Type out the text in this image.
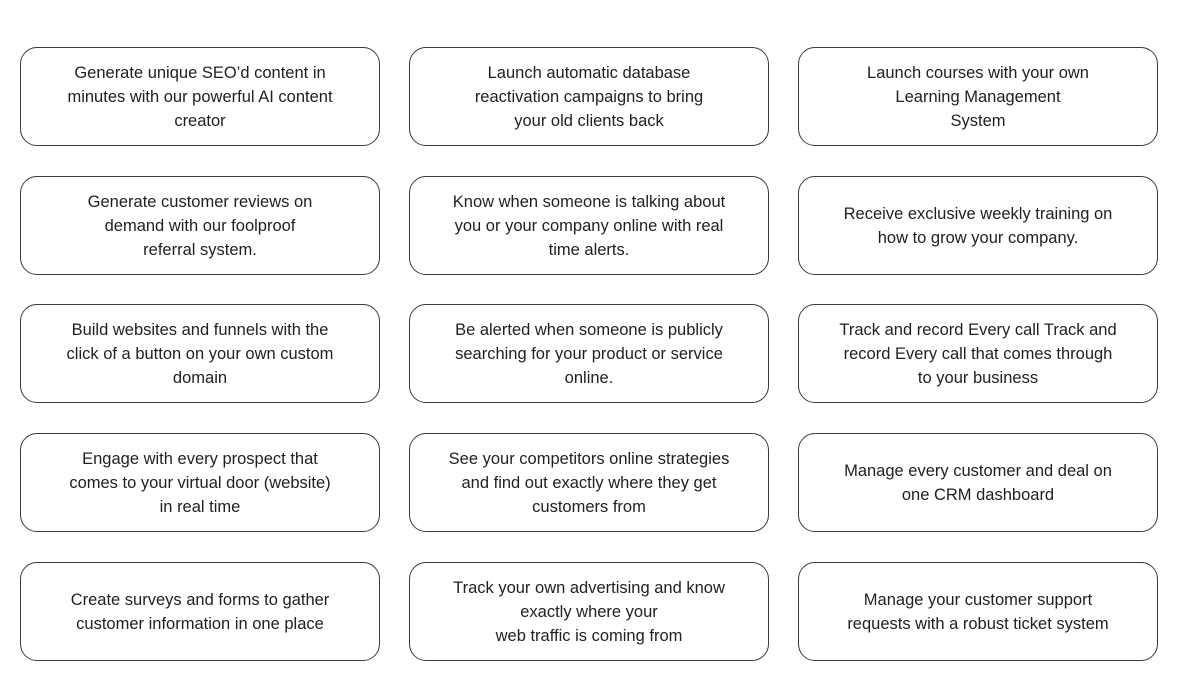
Generate unique SEO’d content in
minutes with our powerful AI content
creator
Launch automatic database
reactivation campaigns to bring
your old clients back
Launch courses with your own
Learning Management
System
Generate customer reviews on
demand with our foolproof
referral system.
Know when someone is talking about
you or your company online with real
time alerts.
Receive exclusive weekly training on
how to grow your company.
Build websites and funnels with the
click of a button on your own custom
domain
Be alerted when someone is publicly
searching for your product or service
online.
Track and record Every call Track and
record Every call that comes through
to your business
Engage with every prospect that
comes to your virtual door (website)
in real time
See your competitors online strategies
and find out exactly where they get
customers from
Manage every customer and deal on
one CRM dashboard
Create surveys and forms to gather
customer information in one place
Track your own advertising and know
exactly where your
web traffic is coming from
Manage your customer support
requests with a robust ticket system
